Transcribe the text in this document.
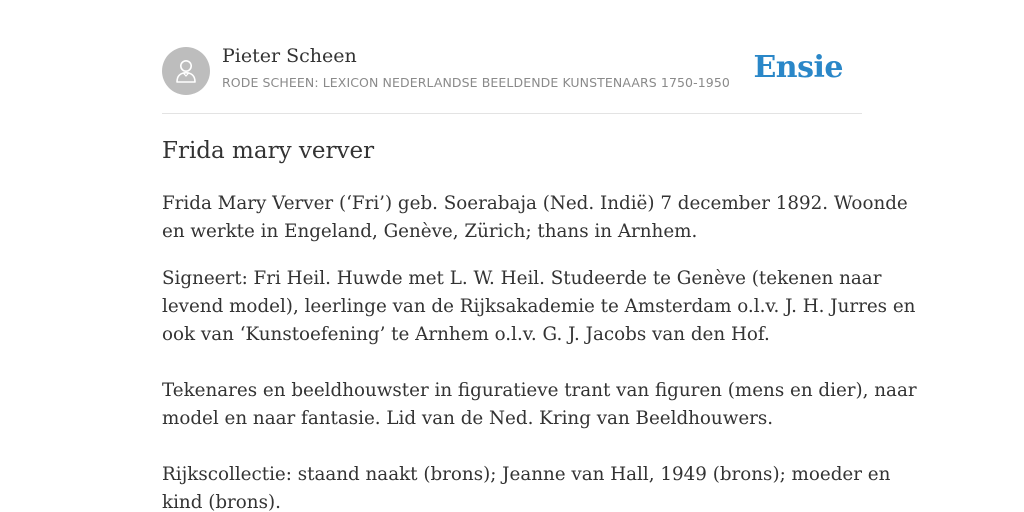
Pieter Scheen
RODE SCHEEN: LEXICON NEDERLANDSE BEELDENDE KUNSTENAARS 1750-1950 Ensie
Frida mary verver

Frida Mary Verver (‘Fri’) geb. Soerabaja (Ned. Indië) 7 december 1892. Woonde
en werkte in Engeland, Genève, Zürich; thans in Arnhem.

Signeert: Fri Heil. Huwde met L. W. Heil. Studeerde te Genève (tekenen naar
levend model), leerlinge van de Rijksakademie te Amsterdam o.l.v. J. H. Jurres en
ook van ‘Kunstoefening’ te Arnhem o.l.v. G. J. Jacobs van den Hof.

Tekenares en beeldhouwster in figuratieve trant van figuren (mens en dier), naar
model en naar fantasie. Lid van de Ned. Kring van Beeldhouwers.

Rijkscollectie: staand naakt (brons); Jeanne van Hall, 1949 (brons); moeder en
kind (brons).
